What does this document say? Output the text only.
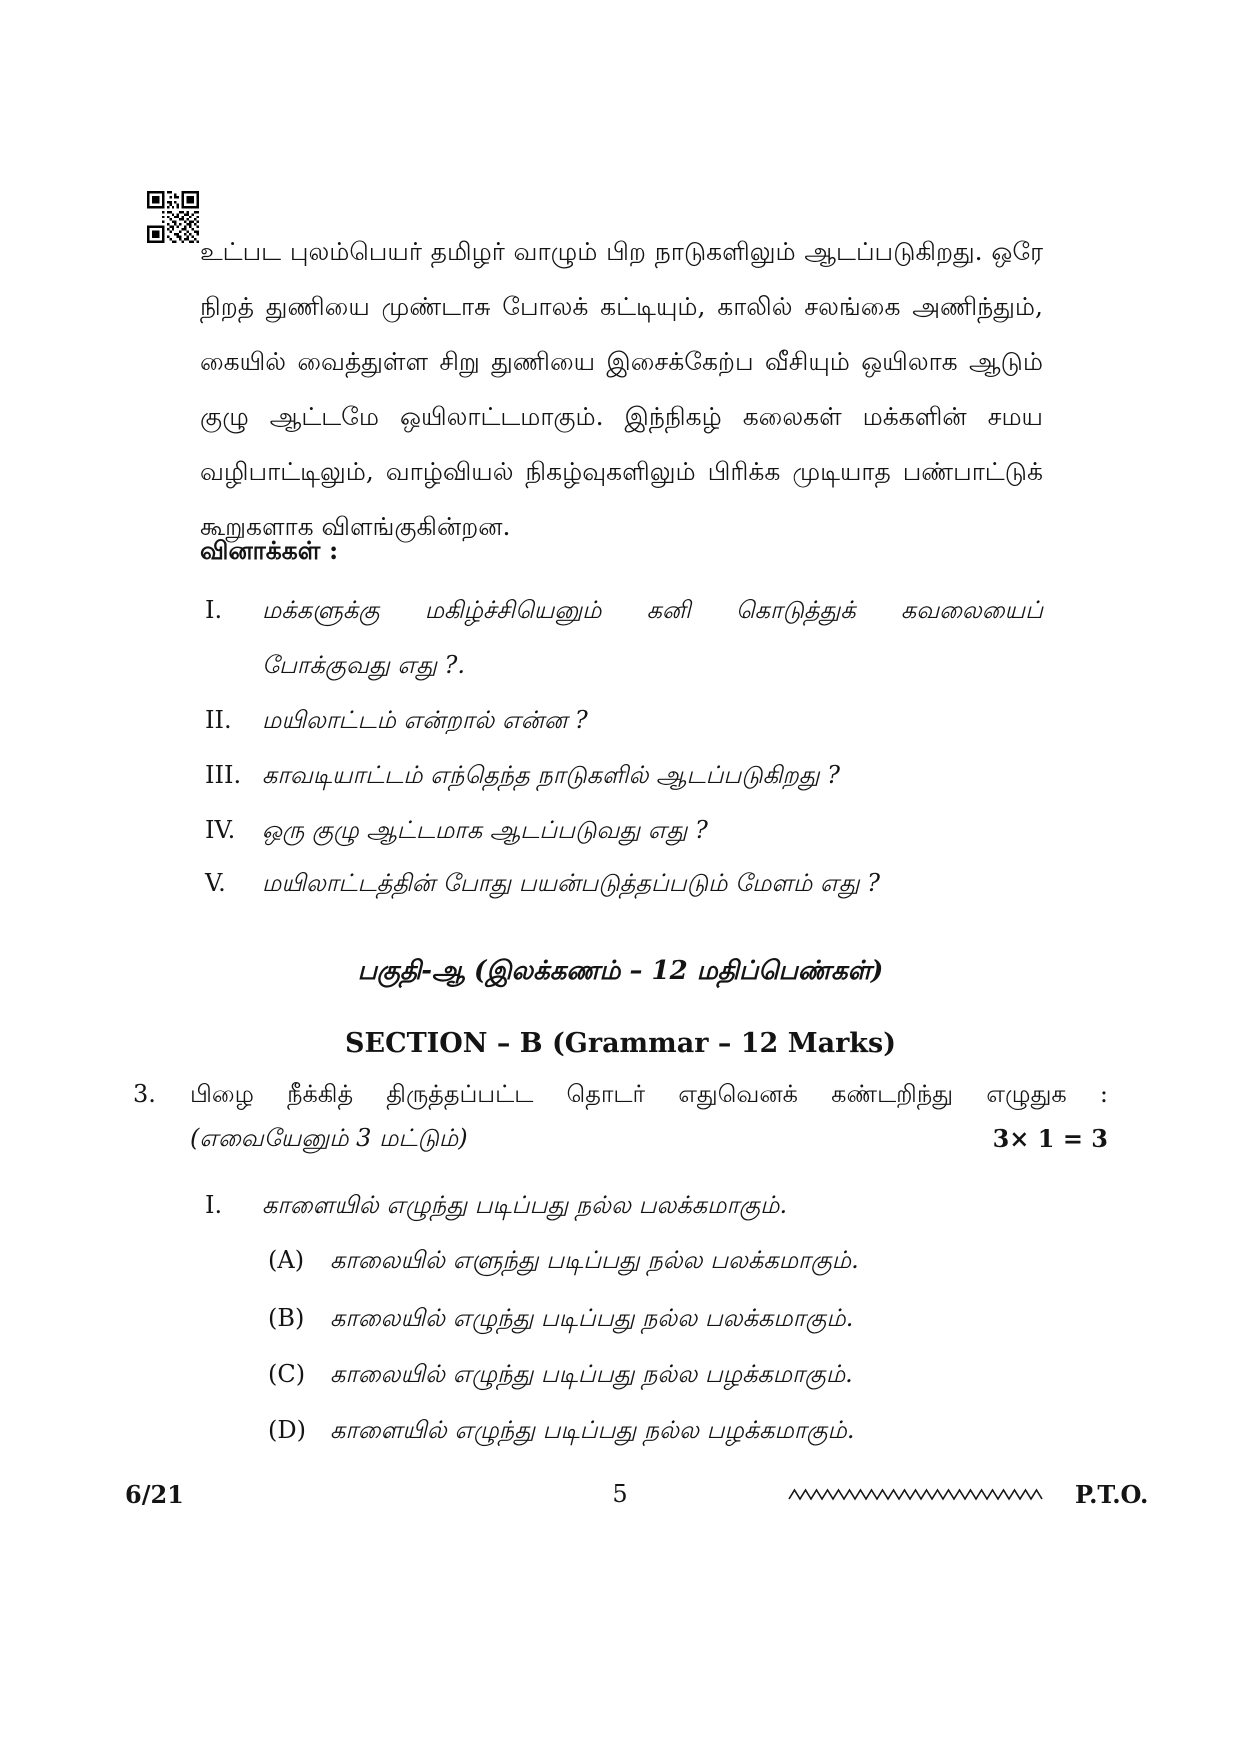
உட்பட புலம்பெயர் தமிழர் வாழும் பிற நாடுகளிலும் ஆடப்படுகிறது. ஒரே
நிறத் துணியை முண்டாசு போலக் கட்டியும், காலில் சலங்கை அணிந்தும்,
கையில் வைத்துள்ள சிறு துணியை இசைக்கேற்ப வீசியும் ஒயிலாக ஆடும்
குழு ஆட்டமே ஒயிலாட்டமாகும். இந்நிகழ் கலைகள் மக்களின் சமய
வழிபாட்டிலும், வாழ்வியல் நிகழ்வுகளிலும் பிரிக்க முடியாத பண்பாட்டுக்
கூறுகளாக விளங்குகின்றன.
வினாக்கள் :
I.	மக்களுக்கு மகிழ்ச்சியெனும் கனி கொடுத்துக் கவலையைப்
போக்குவது எது ?.
II.	மயிலாட்டம் என்றால் என்ன ?
III. காவடியாட்டம் எந்தெந்த நாடுகளில் ஆடப்படுகிறது ?
IV.	ஒரு குழு ஆட்டமாக ஆடப்படுவது எது ?
V.	மயிலாட்டத்தின் போது பயன்படுத்தப்படும் மேளம் எது ?
பகுதி-ஆ (இலக்கணம் – 12 மதிப்பெண்கள்)
SECTION – B (Grammar – 12 Marks)
3.	பிழை நீக்கித் திருத்தப்பட்ட தொடர் எதுவெனக் கண்டறிந்து எழுதுக :
(எவையேனும் 3 மட்டும்)	3× 1 = 3
I.	காளையில் எழுந்து படிப்பது நல்ல பலக்கமாகும்.
(A)	காலையில் எளுந்து படிப்பது நல்ல பலக்கமாகும்.
(B)	காலையில் எழுந்து படிப்பது நல்ல பலக்கமாகும்.
(C)	காலையில் எழுந்து படிப்பது நல்ல பழக்கமாகும்.
(D)	காளையில் எழுந்து படிப்பது நல்ல பழக்கமாகும்.
6/21	5	P.T.O.
